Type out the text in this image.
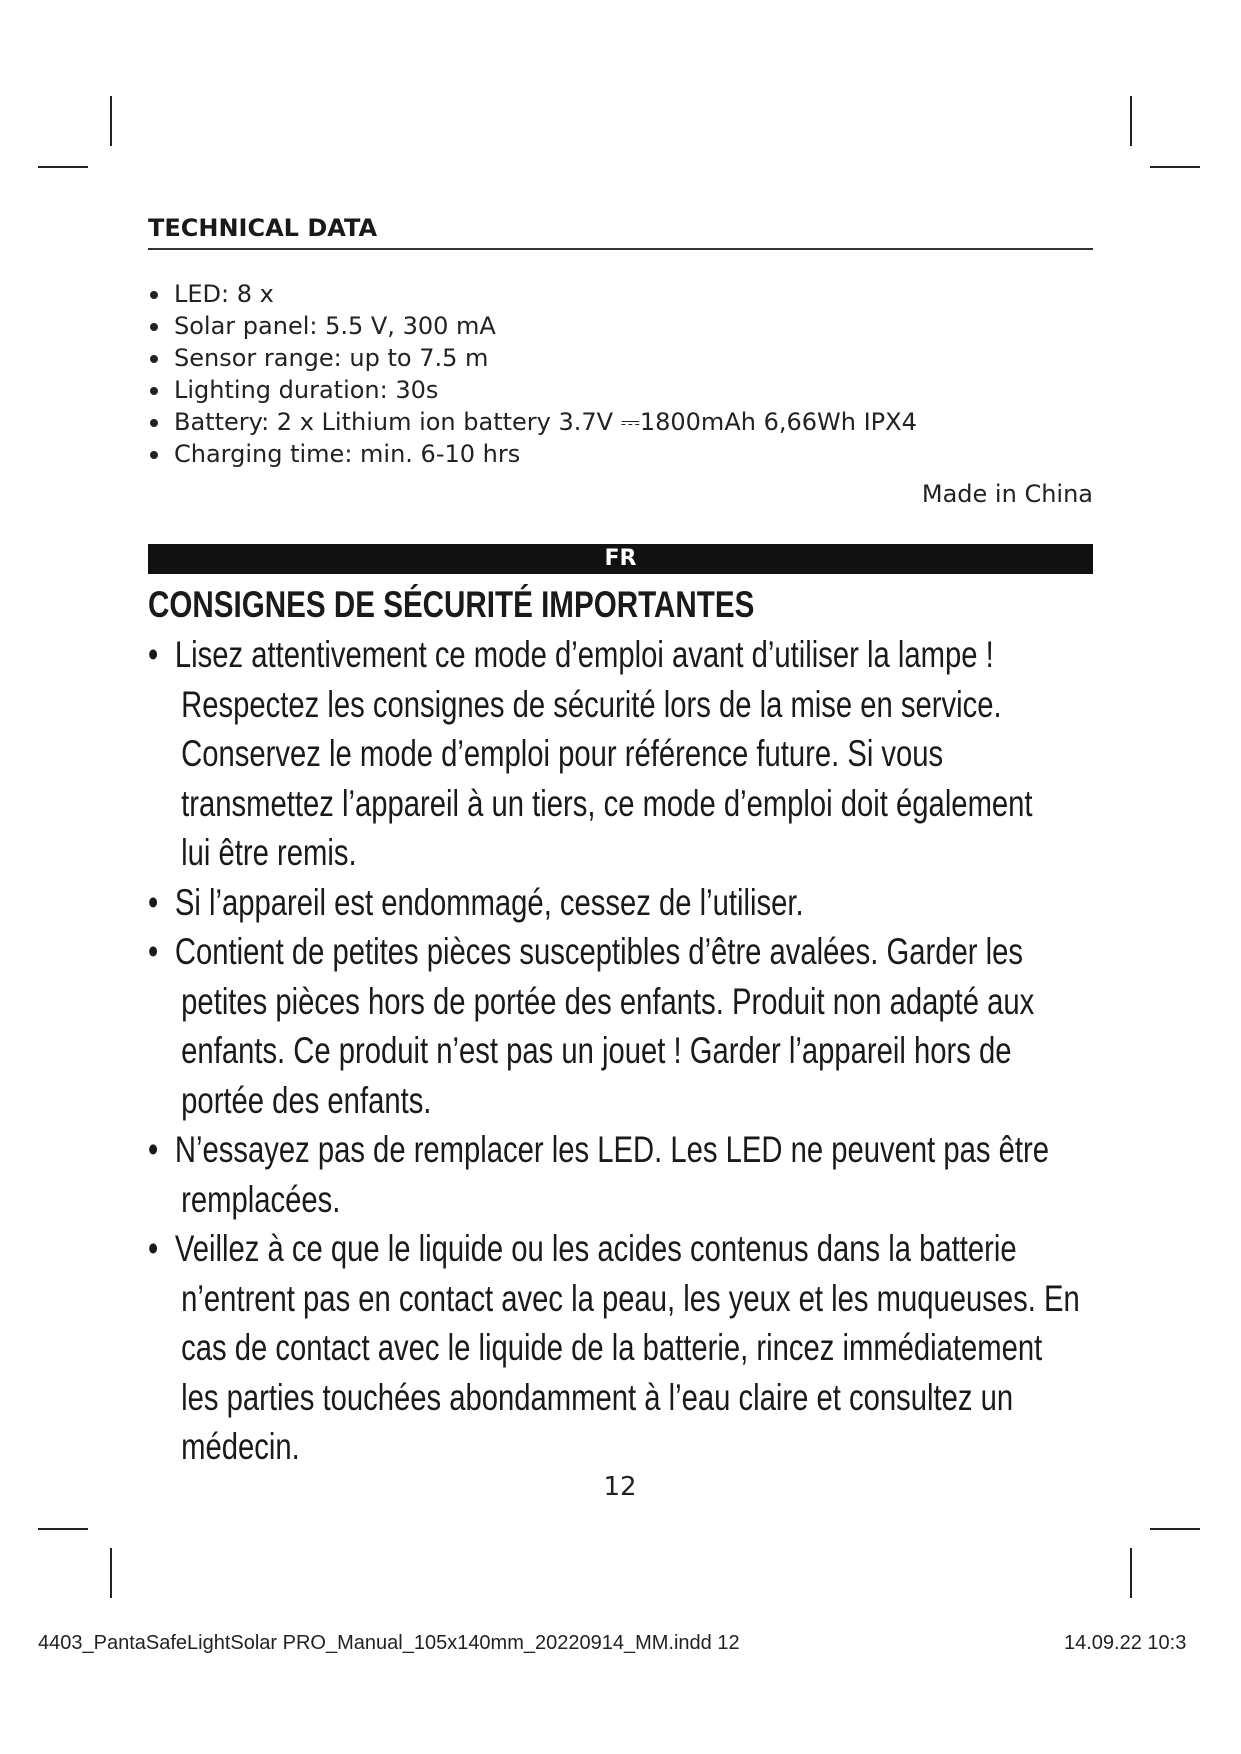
TECHNICAL DATA
LED: 8 x
Solar panel: 5.5 V, 300 mA
Sensor range: up to 7.5 m
Lighting duration: 30s
Battery: 2 x Lithium ion battery 3.7V ⎓1800mAh 6,66Wh IPX4
Charging time: min. 6-10 hrs
Made in China
FR
CONSIGNES DE SÉCURITÉ IMPORTANTES
• Lisez attentivement ce mode d’emploi avant d’utiliser la lampe !
Respectez les consignes de sécurité lors de la mise en service.
Conservez le mode d’emploi pour référence future. Si vous
transmettez l’appareil à un tiers, ce mode d’emploi doit également
lui être remis.
• Si l’appareil est endommagé, cessez de l’utiliser.
• Contient de petites pièces susceptibles d’être avalées. Garder les
petites pièces hors de portée des enfants. Produit non adapté aux
enfants. Ce produit n’est pas un jouet ! Garder l’appareil hors de
portée des enfants.
• N’essayez pas de remplacer les LED. Les LED ne peuvent pas être
remplacées.
• Veillez à ce que le liquide ou les acides contenus dans la batterie
n’entrent pas en contact avec la peau, les yeux et les muqueuses. En
cas de contact avec le liquide de la batterie, rincez immédiatement
les parties touchées abondamment à l’eau claire et consultez un
médecin.
12
4403_PantaSafeLightSolar PRO_Manual_105x140mm_20220914_MM.indd 12	14.09.22 10:3
